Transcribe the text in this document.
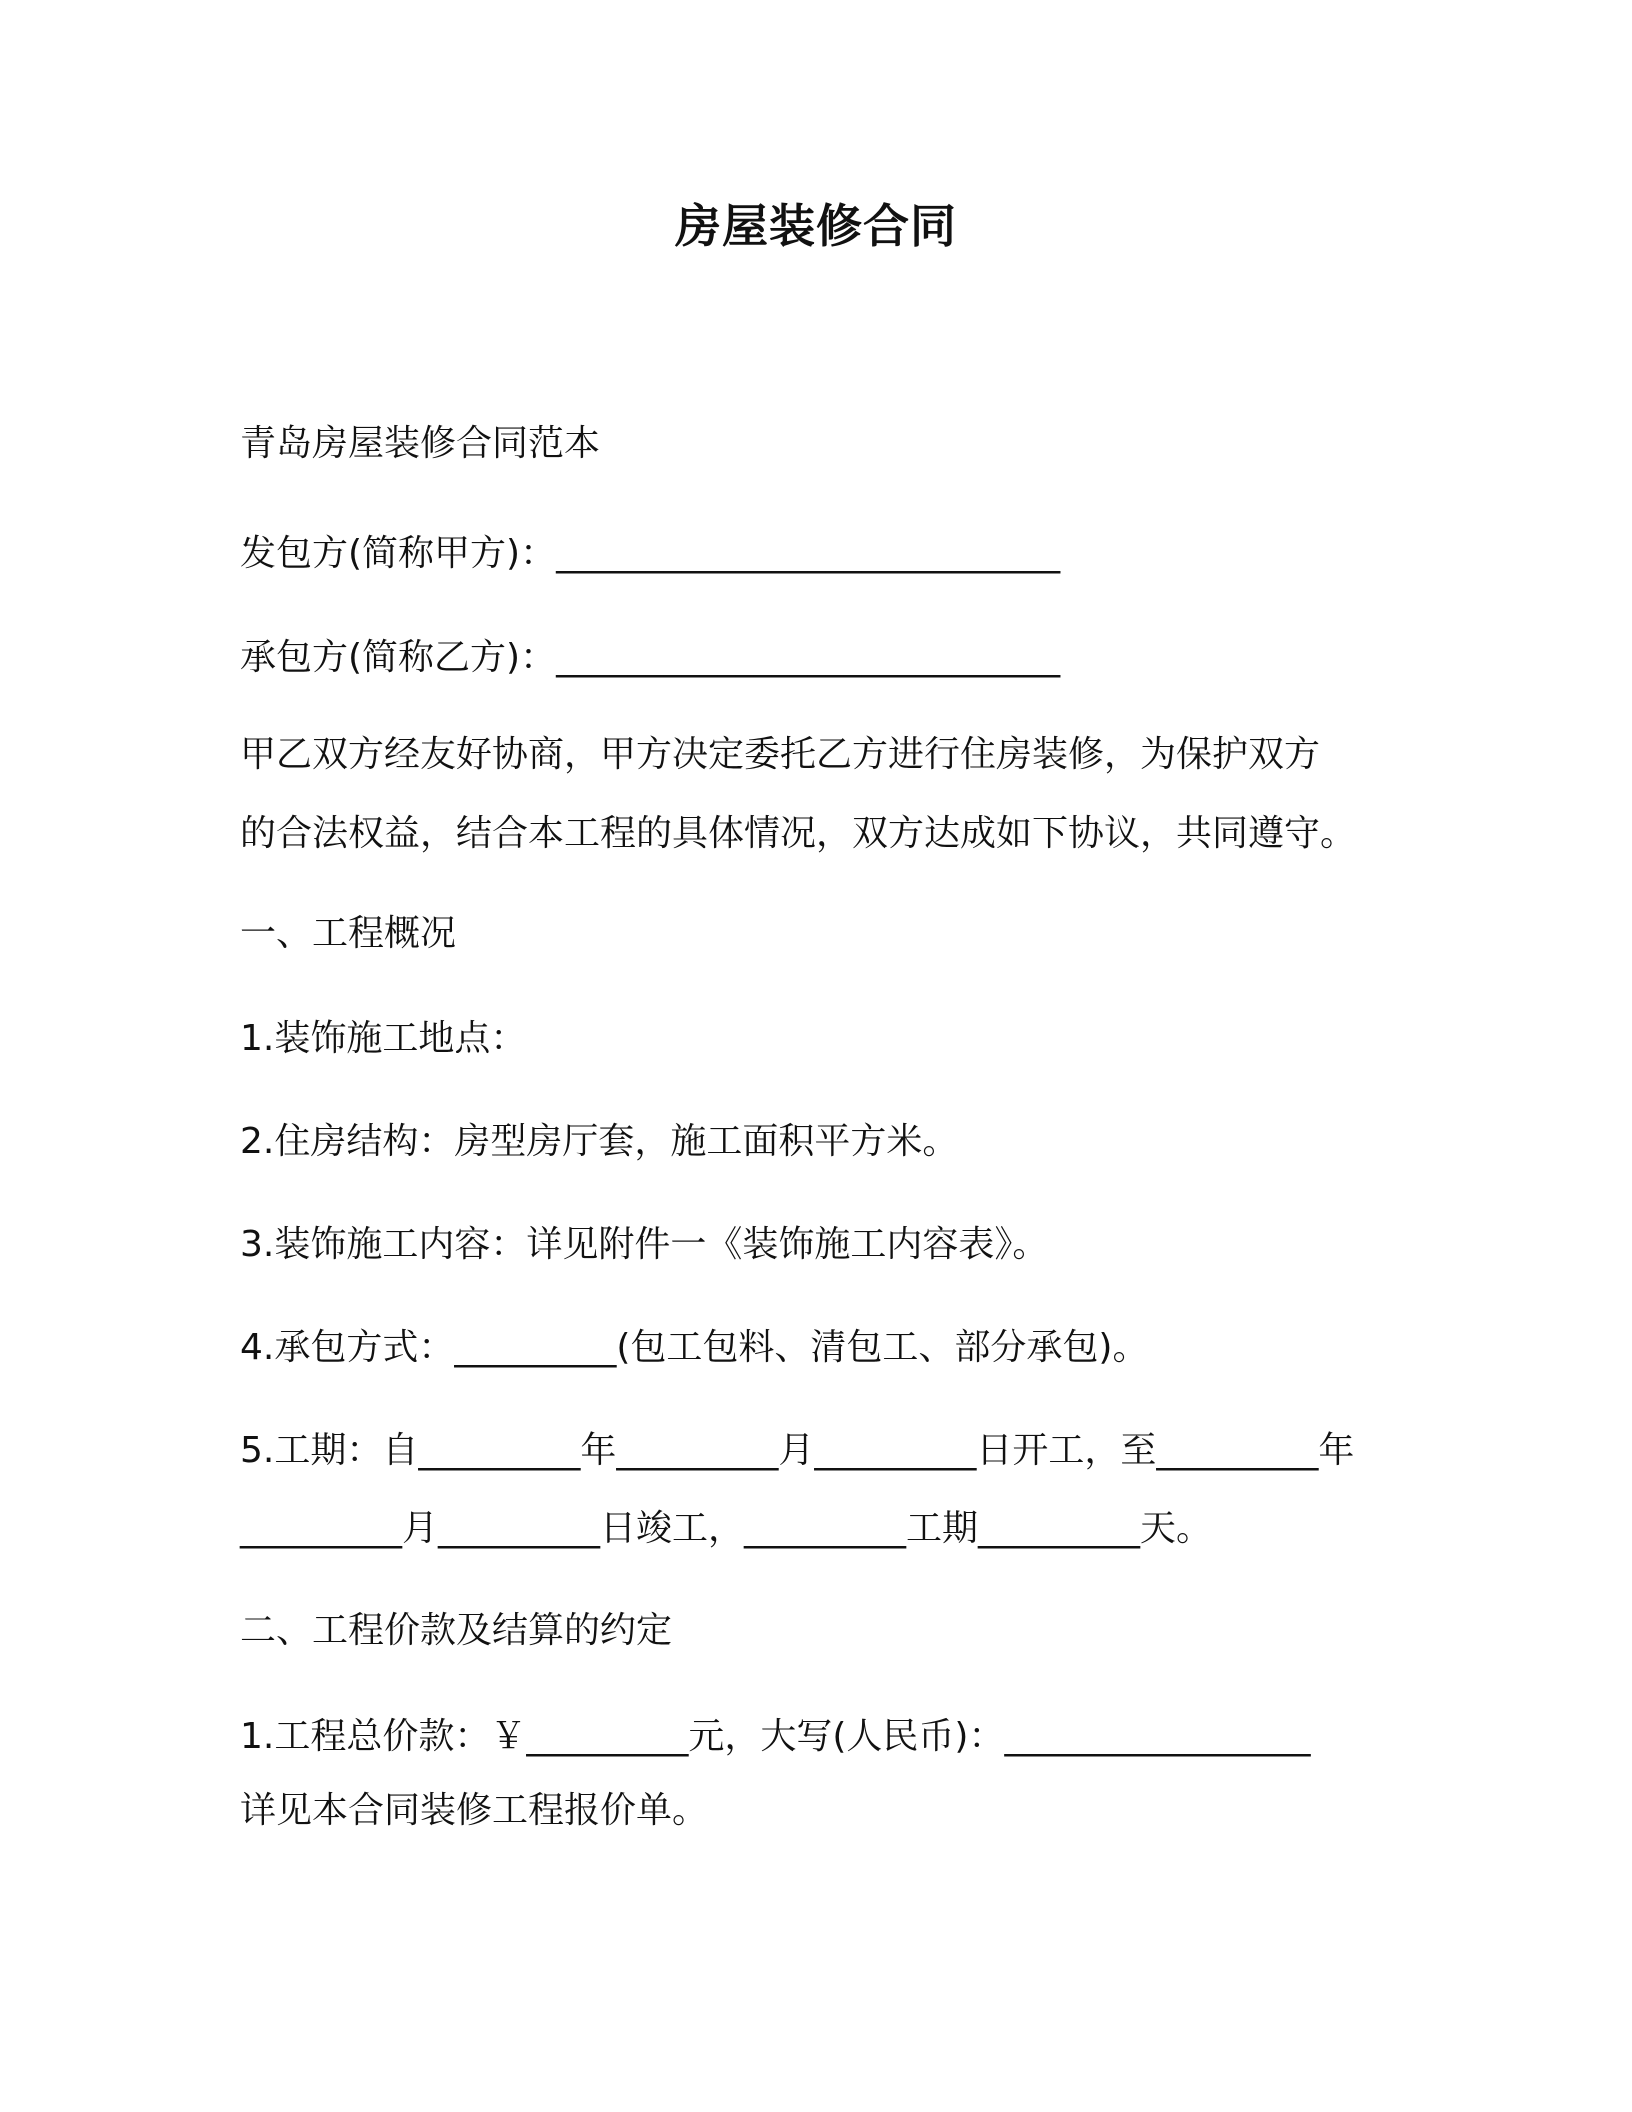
房屋装修合同
青岛房屋装修合同范本
发包方(简称甲方)：____________________________
承包方(简称乙方)：____________________________
甲乙双方经友好协商，甲方决定委托乙方进行住房装修，为保护双方
的合法权益，结合本工程的具体情况，双方达成如下协议，共同遵守。
一、工程概况
1.装饰施工地点：
2.住房结构：房型房厅套，施工面积平方米。
3.装饰施工内容：详见附件一《装饰施工内容表》。
4.承包方式：_________(包工包料、清包工、部分承包)。
5.工期：自_________年_________月_________日开工，至_________年
_________月_________日竣工，_________工期_________天。
二、工程价款及结算的约定
1.工程总价款：￥_________元，大写(人民币)：_________________
详见本合同装修工程报价单。
